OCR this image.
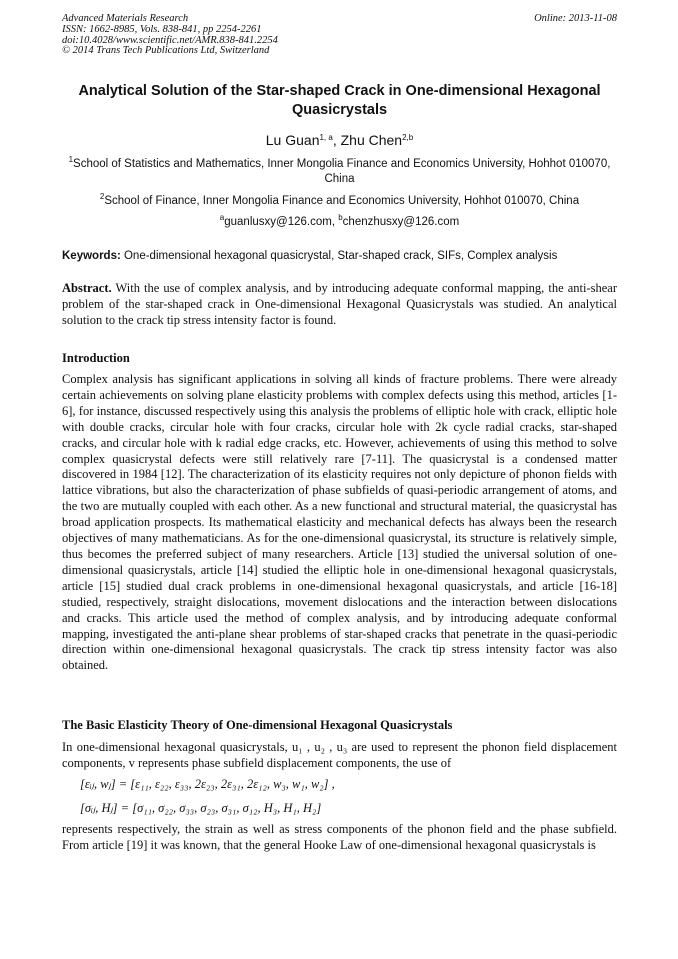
Advanced Materials Research
ISSN: 1662-8985, Vols. 838-841, pp 2254-2261
doi:10.4028/www.scientific.net/AMR.838-841.2254
© 2014 Trans Tech Publications Ltd, Switzerland
Online: 2013-11-08
Analytical Solution of the Star-shaped Crack in One-dimensional Hexagonal Quasicrystals
Lu Guan$^{1, a}$, Zhu Chen$^{2,b}$
$^1$School of Statistics and Mathematics, Inner Mongolia Finance and Economics University, Hohhot 010070, China
$^2$School of Finance, Inner Mongolia Finance and Economics University, Hohhot 010070, China
$^a$guanlusxy@126.com, $^b$chenzhusxy@126.com
Keywords: One-dimensional hexagonal quasicrystal, Star-shaped crack, SIFs, Complex analysis
Abstract. With the use of complex analysis, and by introducing adequate conformal mapping, the anti-shear problem of the star-shaped crack in One-dimensional Hexagonal Quasicrystals was studied. An analytical solution to the crack tip stress intensity factor is found.
Introduction
Complex analysis has significant applications in solving all kinds of fracture problems. There were already certain achievements on solving plane elasticity problems with complex defects using this method, articles [1-6], for instance, discussed respectively using this analysis the problems of elliptic hole with crack, elliptic hole with double cracks, circular hole with four cracks, circular hole with 2k cycle radial cracks, star-shaped cracks, and circular hole with k radial edge cracks, etc. However, achievements of using this method to solve complex quasicrystal defects were still relatively rare [7-11]. The quasicrystal is a condensed matter discovered in 1984 [12]. The characterization of its elasticity requires not only depicture of phonon fields with lattice vibrations, but also the characterization of phase subfields of quasi-periodic arrangement of atoms, and the two are mutually coupled with each other. As a new functional and structural material, the quasicrystal has broad application prospects. Its mathematical elasticity and mechanical defects has always been the research objectives of many mathematicians. As for the one-dimensional quasicrystal, its structure is relatively simple, thus becomes the preferred subject of many researchers. Article [13] studied the universal solution of one-dimensional quasicrystals, article [14] studied the elliptic hole in one-dimensional hexagonal quasicrystals, article [15] studied dual crack problems in one-dimensional hexagonal quasicrystals, and article [16-18] studied, respectively, straight dislocations, movement dislocations and the interaction between dislocations and cracks. This article used the method of complex analysis, and by introducing adequate conformal mapping, investigated the anti-plane shear problems of star-shaped cracks that penetrate in the quasi-periodic direction within one-dimensional hexagonal quasicrystals. The crack tip stress intensity factor was also obtained.
The Basic Elasticity Theory of One-dimensional Hexagonal Quasicrystals
In one-dimensional hexagonal quasicrystals, u₁ , u₂ , u₃ are used to represent the phonon field displacement components, v represents phase subfield displacement components, the use of
[εᵢⱼ, wⱼ] = [ε₁₁, ε₂₂, ε₃₃, 2ε₂₃, 2ε₃₁, 2ε₁₂, w₃, w₁, w₂] ,
[σᵢⱼ, Hⱼ] = [σ₁₁, σ₂₂, σ₃₃, σ₂₃, σ₃₁, σ₁₂, H₃, H₁, H₂]
represents respectively, the strain as well as stress components of the phonon field and the phase subfield. From article [19] it was known, that the general Hooke Law of one-dimensional hexagonal quasicrystals is
